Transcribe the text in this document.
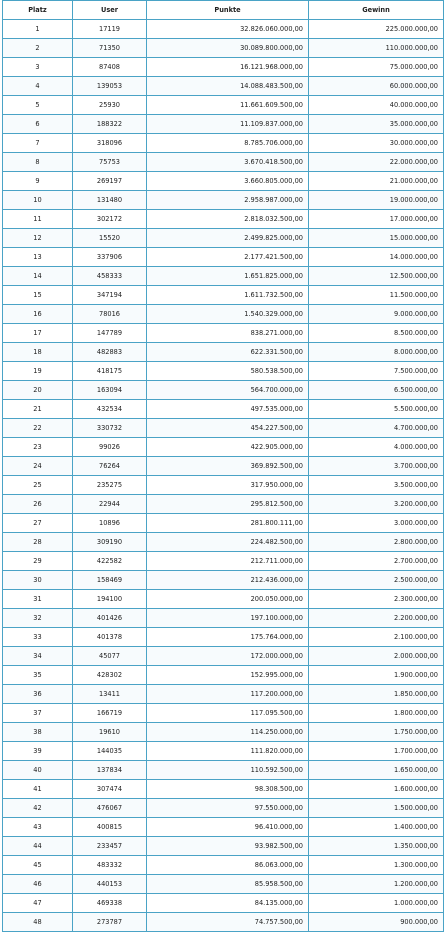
Platz	User	Punkte	Gewinn
1	17119	32.826.060.000,00	225.000.000,00
2	71350	30.089.800.000,00	110.000.000,00
3	87408	16.121.968.000,00	75.000.000,00
4	139053	14.088.483.500,00	60.000.000,00
5	25930	11.661.609.500,00	40.000.000,00
6	188322	11.109.837.000,00	35.000.000,00
7	318096	8.785.706.000,00	30.000.000,00
8	75753	3.670.418.500,00	22.000.000,00
9	269197	3.660.805.000,00	21.000.000,00
10	131480	2.958.987.000,00	19.000.000,00
11	302172	2.818.032.500,00	17.000.000,00
12	15520	2.499.825.000,00	15.000.000,00
13	337906	2.177.421.500,00	14.000.000,00
14	458333	1.651.825.000,00	12.500.000,00
15	347194	1.611.732.500,00	11.500.000,00
16	78016	1.540.329.000,00	9.000.000,00
17	147789	838.271.000,00	8.500.000,00
18	482883	622.331.500,00	8.000.000,00
19	418175	580.538.500,00	7.500.000,00
20	163094	564.700.000,00	6.500.000,00
21	432534	497.535.000,00	5.500.000,00
22	330732	454.227.500,00	4.700.000,00
23	99026	422.905.000,00	4.000.000,00
24	76264	369.892.500,00	3.700.000,00
25	235275	317.950.000,00	3.500.000,00
26	22944	295.812.500,00	3.200.000,00
27	10896	281.800.111,00	3.000.000,00
28	309190	224.482.500,00	2.800.000,00
29	422582	212.711.000,00	2.700.000,00
30	158469	212.436.000,00	2.500.000,00
31	194100	200.050.000,00	2.300.000,00
32	401426	197.100.000,00	2.200.000,00
33	401378	175.764.000,00	2.100.000,00
34	45077	172.000.000,00	2.000.000,00
35	428302	152.995.000,00	1.900.000,00
36	13411	117.200.000,00	1.850.000,00
37	166719	117.095.500,00	1.800.000,00
38	19610	114.250.000,00	1.750.000,00
39	144035	111.820.000,00	1.700.000,00
40	137834	110.592.500,00	1.650.000,00
41	307474	98.308.500,00	1.600.000,00
42	476067	97.550.000,00	1.500.000,00
43	400815	96.410.000,00	1.400.000,00
44	233457	93.982.500,00	1.350.000,00
45	483332	86.063.000,00	1.300.000,00
46	440153	85.958.500,00	1.200.000,00
47	469338	84.135.000,00	1.000.000,00
48	273787	74.757.500,00	900.000,00
